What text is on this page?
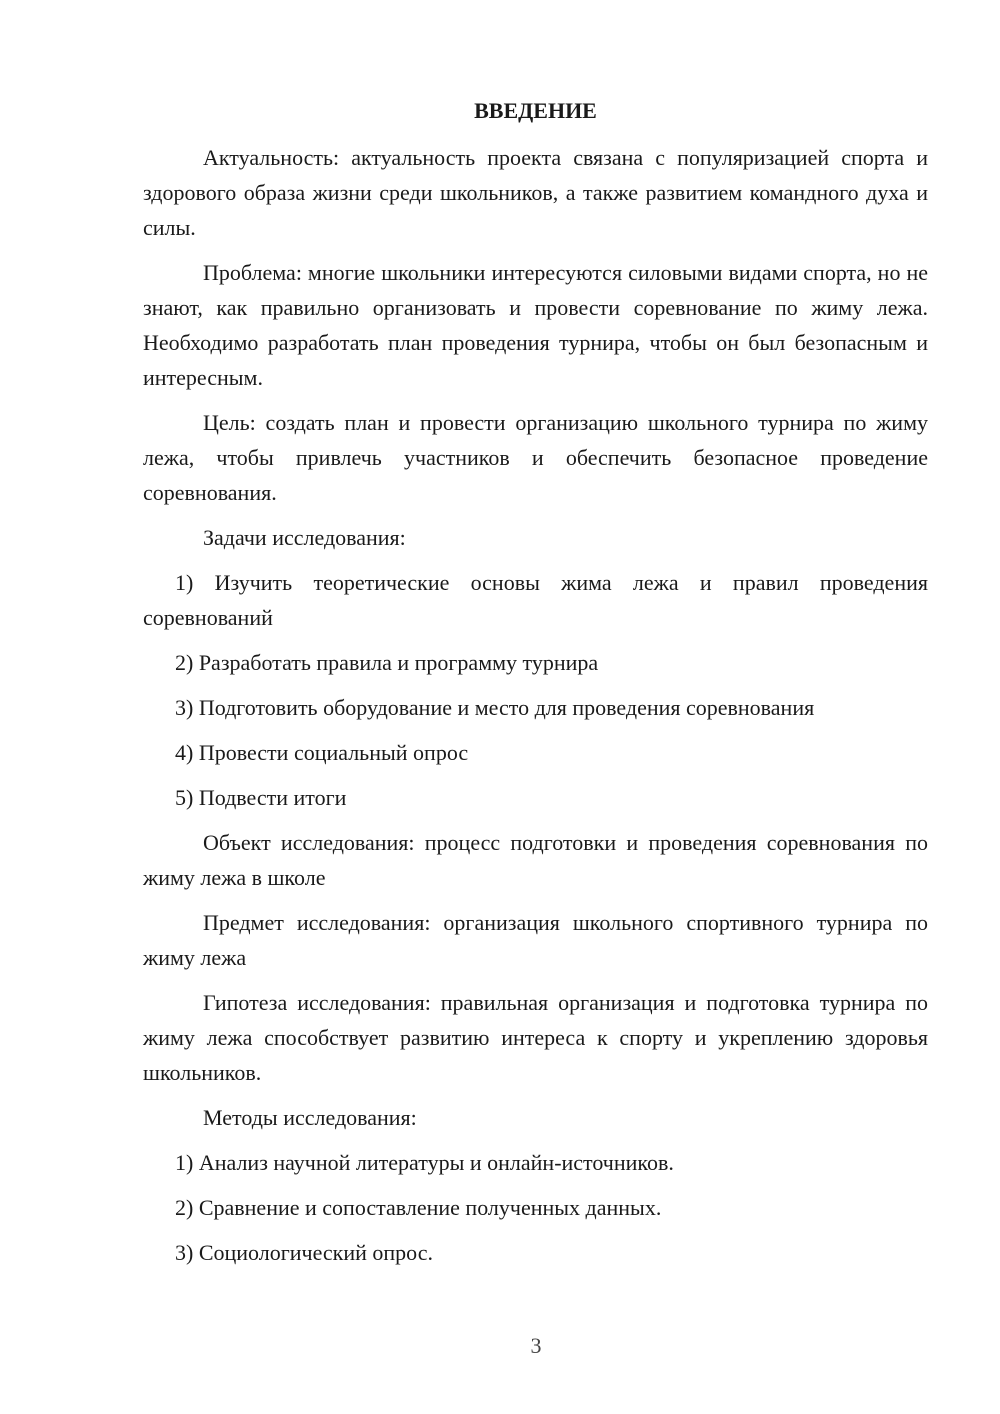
ВВЕДЕНИЕ

Актуальность: актуальность проекта связана с популяризацией спорта и здорового образа жизни среди школьников, а также развитием командного духа и силы.

Проблема: многие школьники интересуются силовыми видами спорта, но не знают, как правильно организовать и провести соревнование по жиму лежа. Необходимо разработать план проведения турнира, чтобы он был безопасным и интересным.

Цель: создать план и провести организацию школьного турнира по жиму лежа, чтобы привлечь участников и обеспечить безопасное проведение соревнования.

Задачи исследования:

1) Изучить теоретические основы жима лежа и правил проведения соревнований

2) Разработать правила и программу турнира

3) Подготовить оборудование и место для проведения соревнования

4) Провести социальный опрос

5) Подвести итоги

Объект исследования: процесс подготовки и проведения соревнования по жиму лежа в школе

Предмет исследования: организация школьного спортивного турнира по жиму лежа

Гипотеза исследования: правильная организация и подготовка турнира по жиму лежа способствует развитию интереса к спорту и укреплению здоровья школьников.

Методы исследования:

1) Анализ научной литературы и онлайн-источников.

2) Сравнение и сопоставление полученных данных.

3) Социологический опрос.

3
